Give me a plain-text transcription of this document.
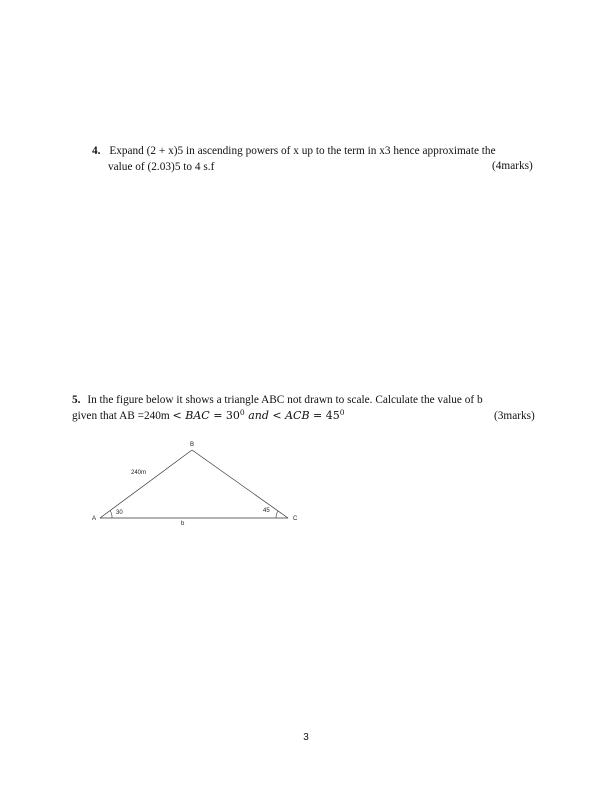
4. Expand (2 + x)5 in ascending powers of x up to the term in x3 hence approximate the
value of (2.03)5 to 4 s.f	(4marks)
5. In the figure below it shows a triangle ABC not drawn to scale. Calculate the value of b
given that AB =240m < BAC = $30^0$ and < ACB = $45^0$	(3marks)
A
B
C
240m
b
30	45
3
